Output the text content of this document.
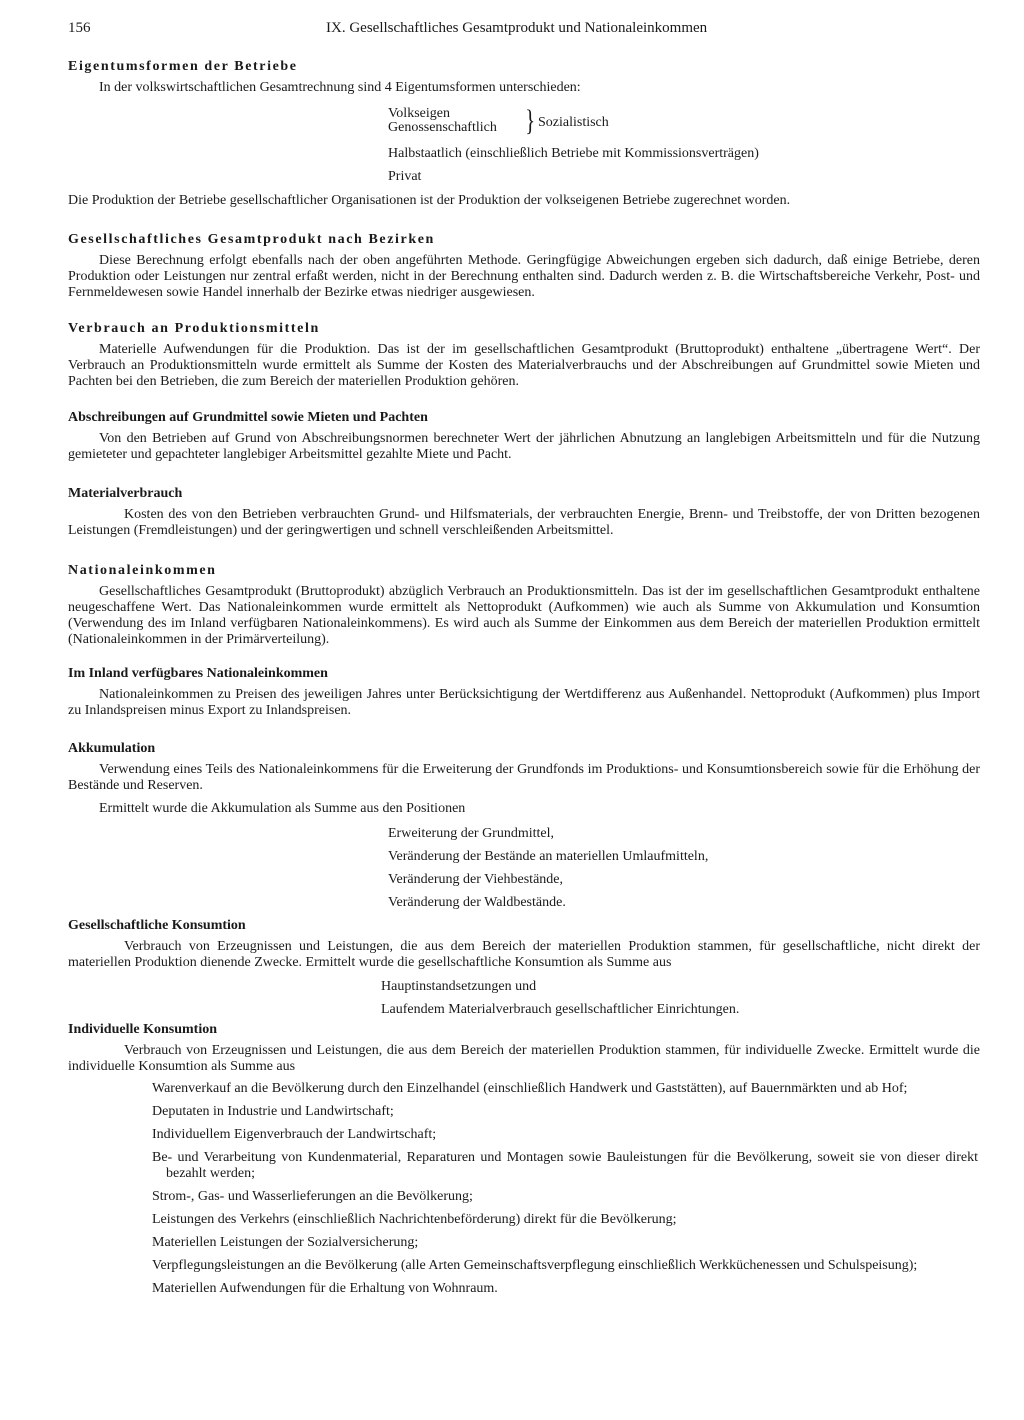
156	IX. Gesellschaftliches Gesamtprodukt und Nationaleinkommen
Eigentumsformen der Betriebe

In der volkswirtschaftlichen Gesamtrechnung sind 4 Eigentumsformen unterschieden:

Volkseigen
Genossenschaftlich } Sozialistisch
Halbstaatlich (einschließlich Betriebe mit Kommissionsverträgen)
Privat

Die Produktion der Betriebe gesellschaftlicher Organisationen ist der Produktion der volkseigenen Betriebe zugerechnet worden.

Gesellschaftliches Gesamtprodukt nach Bezirken

Diese Berechnung erfolgt ebenfalls nach der oben angeführten Methode. Geringfügige Abweichungen ergeben sich dadurch, daß einige Betriebe, deren Produktion oder Leistungen nur zentral erfaßt werden, nicht in der Berechnung enthalten sind. Dadurch werden z. B. die Wirtschaftsbereiche Verkehr, Post- und Fernmeldewesen sowie Handel innerhalb der Bezirke etwas niedriger ausgewiesen.

Verbrauch an Produktionsmitteln

Materielle Aufwendungen für die Produktion. Das ist der im gesellschaftlichen Gesamtprodukt (Bruttoprodukt) enthaltene „übertragene Wert“. Der Verbrauch an Produktionsmitteln wurde ermittelt als Summe der Kosten des Materialverbrauchs und der Abschreibungen auf Grundmittel sowie Mieten und Pachten bei den Betrieben, die zum Bereich der materiellen Produktion gehören.

Abschreibungen auf Grundmittel sowie Mieten und Pachten

Von den Betrieben auf Grund von Abschreibungsnormen berechneter Wert der jährlichen Abnutzung an langlebigen Arbeitsmitteln und für die Nutzung gemieteter und gepachteter langlebiger Arbeitsmittel gezahlte Miete und Pacht.

Materialverbrauch

Kosten des von den Betrieben verbrauchten Grund- und Hilfsmaterials, der verbrauchten Energie, Brenn- und Treibstoffe, der von Dritten bezogenen Leistungen (Fremdleistungen) und der geringwertigen und schnell verschleißenden Arbeitsmittel.

Nationaleinkommen

Gesellschaftliches Gesamtprodukt (Bruttoprodukt) abzüglich Verbrauch an Produktionsmitteln. Das ist der im gesellschaftlichen Gesamtprodukt enthaltene neugeschaffene Wert. Das Nationaleinkommen wurde ermittelt als Nettoprodukt (Aufkommen) wie auch als Summe von Akkumulation und Konsumtion (Verwendung des im Inland verfügbaren Nationaleinkommens). Es wird auch als Summe der Einkommen aus dem Bereich der materiellen Produktion ermittelt (Nationaleinkommen in der Primärverteilung).

Im Inland verfügbares Nationaleinkommen

Nationaleinkommen zu Preisen des jeweiligen Jahres unter Berücksichtigung der Wertdifferenz aus Außenhandel. Nettoprodukt (Aufkommen) plus Import zu Inlandspreisen minus Export zu Inlandspreisen.

Akkumulation

Verwendung eines Teils des Nationaleinkommens für die Erweiterung der Grundfonds im Produktions- und Konsumtionsbereich sowie für die Erhöhung der Bestände und Reserven.

Ermittelt wurde die Akkumulation als Summe aus den Positionen

Erweiterung der Grundmittel,
Veränderung der Bestände an materiellen Umlaufmitteln,
Veränderung der Viehbestände,
Veränderung der Waldbestände.
Gesellschaftliche Konsumtion

Verbrauch von Erzeugnissen und Leistungen, die aus dem Bereich der materiellen Produktion stammen, für gesellschaftliche, nicht direkt der materiellen Produktion dienende Zwecke. Ermittelt wurde die gesellschaftliche Konsumtion als Summe aus

Hauptinstandsetzungen und
Laufendem Materialverbrauch gesellschaftlicher Einrichtungen.
Individuelle Konsumtion

Verbrauch von Erzeugnissen und Leistungen, die aus dem Bereich der materiellen Produktion stammen, für individuelle Zwecke. Ermittelt wurde die individuelle Konsumtion als Summe aus

Warenverkauf an die Bevölkerung durch den Einzelhandel (einschließlich Handwerk und Gaststätten), auf Bauernmärkten und ab Hof;

Deputaten in Industrie und Landwirtschaft;

Individuellem Eigenverbrauch der Landwirtschaft;

Be- und Verarbeitung von Kundenmaterial, Reparaturen und Montagen sowie Bauleistungen für die Bevölkerung, soweit sie von dieser direkt bezahlt werden;

Strom-, Gas- und Wasserlieferungen an die Bevölkerung;

Leistungen des Verkehrs (einschließlich Nachrichtenbeförderung) direkt für die Bevölkerung;

Materiellen Leistungen der Sozialversicherung;

Verpflegungsleistungen an die Bevölkerung (alle Arten Gemeinschaftsverpflegung einschließlich Werkküchenessen und Schulspeisung);

Materiellen Aufwendungen für die Erhaltung von Wohnraum.
